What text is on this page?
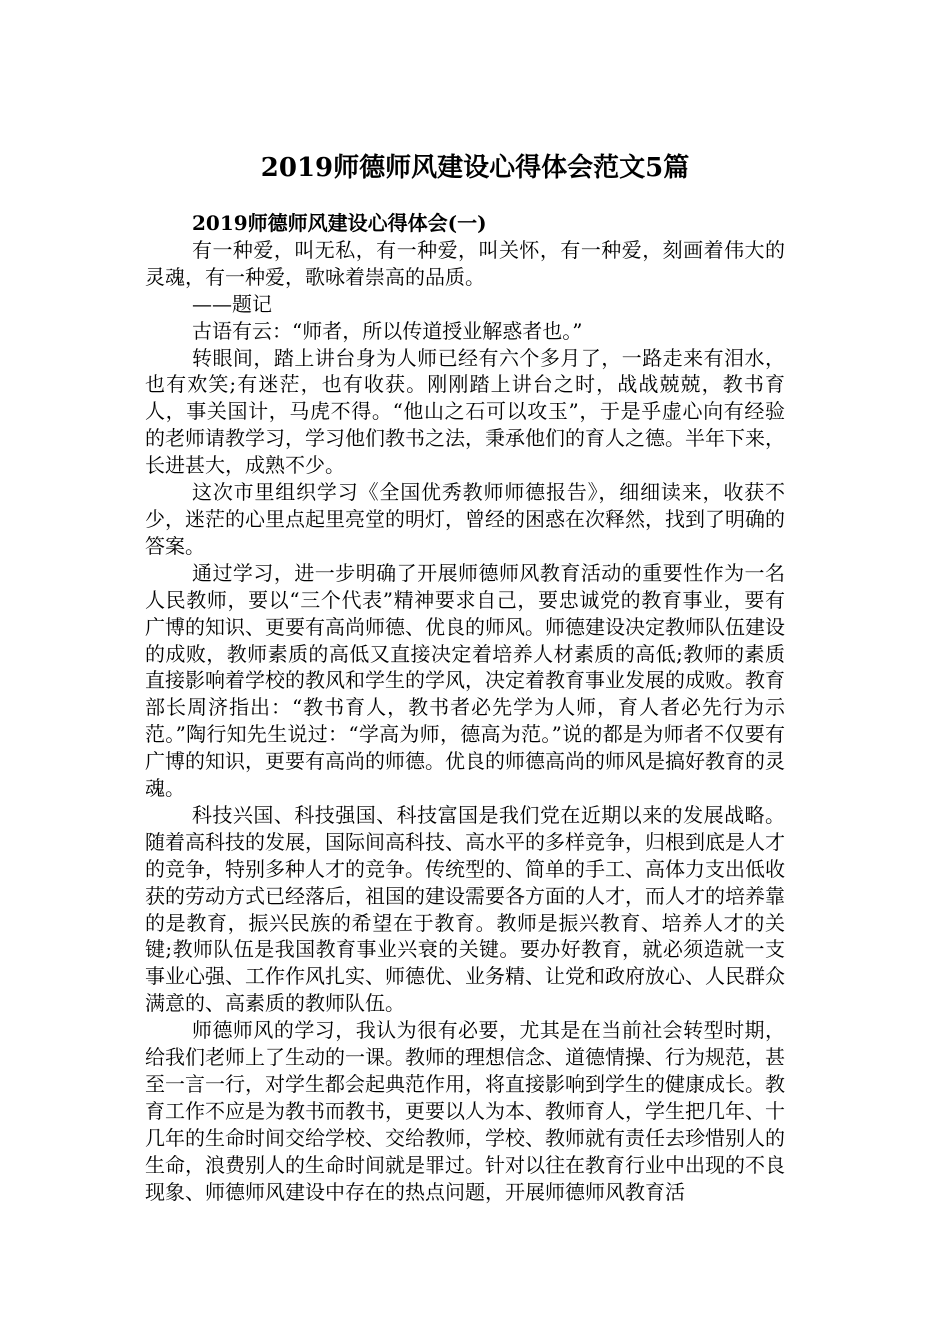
2019师德师风建设心得体会范文5篇
2019师德师风建设心得体会(一)

有一种爱，叫无私，有一种爱，叫关怀，有一种爱，刻画着伟大的灵魂，有一种爱，歌咏着崇高的品质。

——题记

古语有云：“师者，所以传道授业解惑者也。”

转眼间，踏上讲台身为人师已经有六个多月了，一路走来有泪水， 也有欢笑;有迷茫，也有收获。刚刚踏上讲台之时，战战兢兢，教书育人，事关国计，马虎不得。“他山之石可以攻玉”，于是乎虚心向有经验的老师请教学习，学习他们教书之法，秉承他们的育人之德。半年下来，长进甚大，成熟不少。

这次市里组织学习《全国优秀教师师德报告》，细细读来，收获不少，迷茫的心里点起里亮堂的明灯，曾经的困惑在次释然，找到了明确的答案。

通过学习，进一步明确了开展师德师风教育活动的重要性作为一名人民教师，要以“三个代表”精神要求自己，要忠诚党的教育事业，要有广博的知识、更要有高尚师德、优良的师风。师德建设决定教师队伍建设的成败，教师素质的高低又直接决定着培养人材素质的高低;教师的素质直接影响着学校的教风和学生的学风，决定着教育事业发展的成败。教育部长周济指出：“教书育人，教书者必先学为人师，育人者必先行为示范。”陶行知先生说过：“学高为师，德高为范。”说的都是为师者不仅要有广博的知识，更要有高尚的师德。优良的师德高尚的师风是搞好教育的灵魂。

科技兴国、科技强国、科技富国是我们党在近期以来的发展战略。随着高科技的发展，国际间高科技、高水平的多样竞争，归根到底是人才的竞争，特别多种人才的竞争。传统型的、简单的手工、高体力支出低收获的劳动方式已经落后，祖国的建设需要各方面的人才，而人才的培养靠的是教育，振兴民族的希望在于教育。教师是振兴教育、培养人才的关键;教师队伍是我国教育事业兴衰的关键。要办好教育，就必须造就一支事业心强、工作作风扎实、师德优、业务精、让党和政府放心、人民群众满意的、高素质的教师队伍。

师德师风的学习，我认为很有必要，尤其是在当前社会转型时期，给我们老师上了生动的一课。教师的理想信念、道德情操、行为规范，甚至一言一行，对学生都会起典范作用，将直接影响到学生的健康成长。教育工作不应是为教书而教书，更要以人为本、教师育人，学生把几年、十几年的生命时间交给学校、交给教师，学校、教师就有责任去珍惜别人的生命，浪费别人的生命时间就是罪过。针对以往在教育行业中出现的不良现象、师德师风建设中存在的热点问题，开展师德师风教育活
